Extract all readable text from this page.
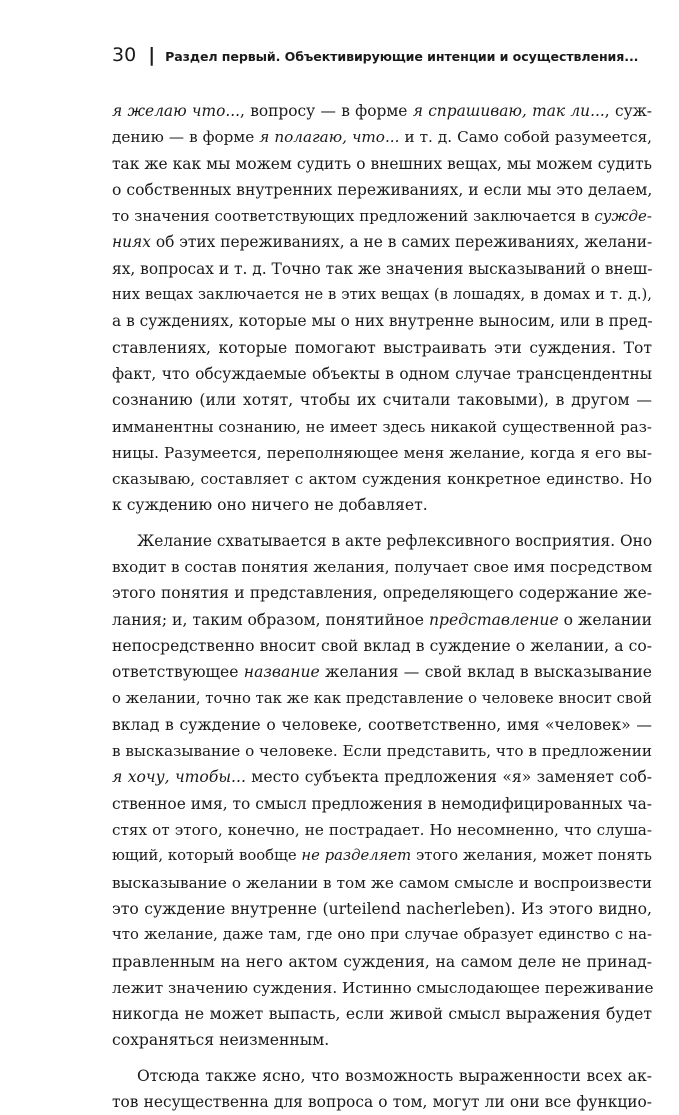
30 | Раздел первый. Объективирующие интенции и осуществления...
я желаю что..., вопросу — в форме я спрашиваю, так ли..., суж-
дению — в форме я полагаю, что... и т. д. Само собой разумеется,
так же как мы можем судить о внешних вещах, мы можем судить
о собственных внутренних переживаниях, и если мы это делаем,
то значения соответствующих предложений заключается в сужде-
ниях об этих переживаниях, а не в самих переживаниях, желани-
ях, вопросах и т. д. Точно так же значения высказываний о внеш-
них вещах заключается не в этих вещах (в лошадях, в домах и т. д.),
а в суждениях, которые мы о них внутренне выносим, или в пред-
ставлениях, которые помогают выстраивать эти суждения. Тот
факт, что обсуждаемые объекты в одном случае трансцендентны
сознанию (или хотят, чтобы их считали таковыми), в другом —
имманентны сознанию, не имеет здесь никакой существенной раз-
ницы. Разумеется, переполняющее меня желание, когда я его вы-
сказываю, составляет с актом суждения конкретное единство. Но
к суждению оно ничего не добавляет.
Желание схватывается в акте рефлексивного восприятия. Оно
входит в состав понятия желания, получает свое имя посредством
этого понятия и представления, определяющего содержание же-
лания; и, таким образом, понятийное представление о желании
непосредственно вносит свой вклад в суждение о желании, а со-
ответствующее название желания — свой вклад в высказывание
о желании, точно так же как представление о человеке вносит свой
вклад в суждение о человеке, соответственно, имя «человек» —
в высказывание о человеке. Если представить, что в предложении
я хочу, чтобы... место субъекта предложения «я» заменяет соб-
ственное имя, то смысл предложения в немодифицированных ча-
стях от этого, конечно, не пострадает. Но несомненно, что слуша-
ющий, который вообще не разделяет этого желания, может понять
высказывание о желании в том же самом смысле и воспроизвести
это суждение внутренне (urteilend nacherleben). Из этого видно,
что желание, даже там, где оно при случае образует единство с на-
правленным на него актом суждения, на самом деле не принад-
лежит значению суждения. Истинно смыслодающее переживание
никогда не может выпасть, если живой смысл выражения будет
сохраняться неизменным.
Отсюда также ясно, что возможность выраженности всех ак-
тов несущественна для вопроса о том, могут ли они все функцио-
